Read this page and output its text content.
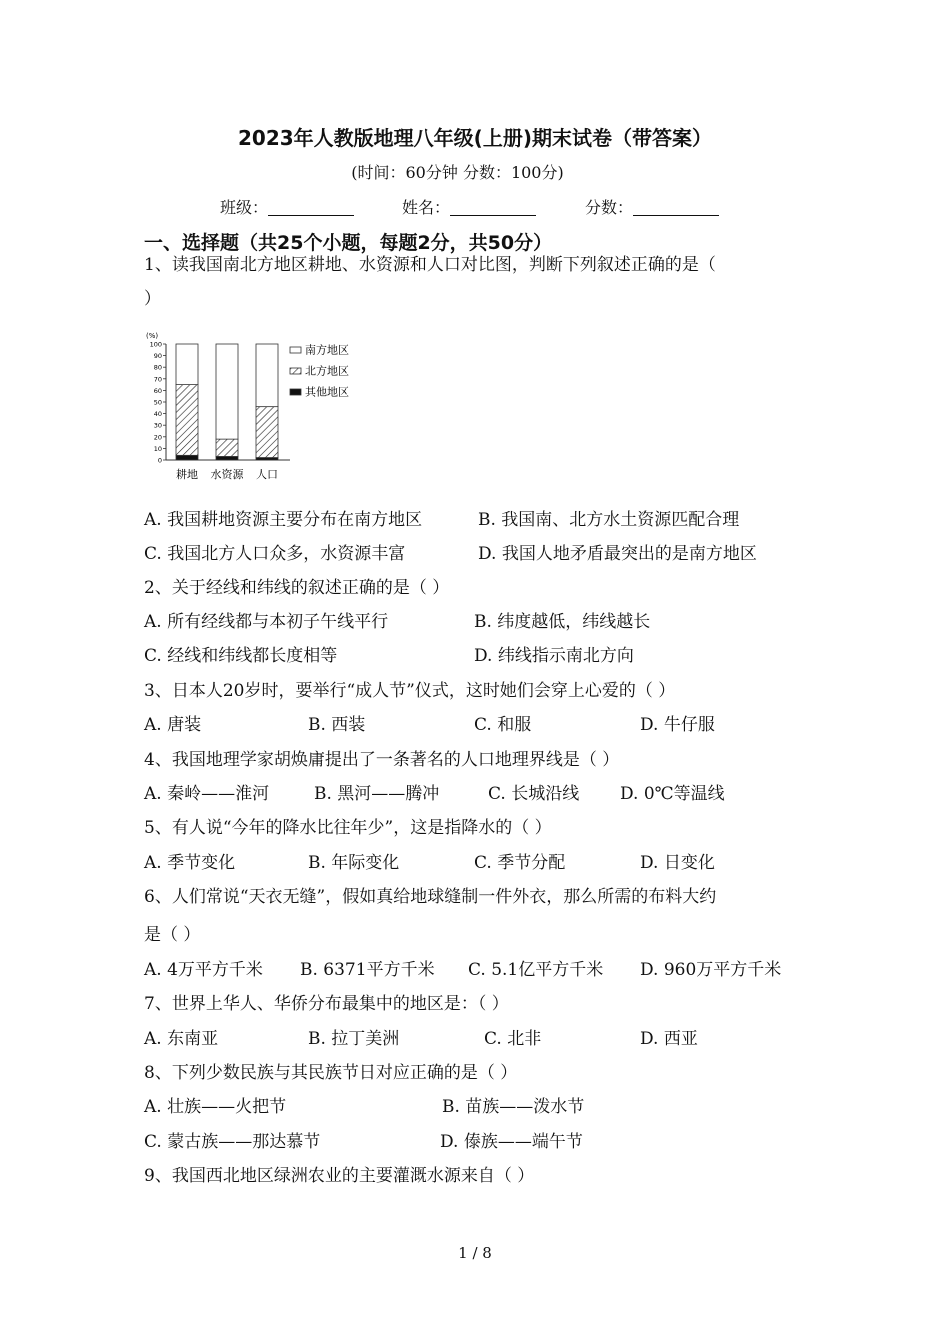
2023年人教版地理八年级(上册)期末试卷（带答案）
(时间：60分钟 分数：100分)
班级：	姓名：	分数：
一、选择题（共25个小题，每题2分，共50分）
1、读我国南北方地区耕地、水资源和人口对比图，判断下列叙述正确的是（
）
(%)
100
90
80
70
60
50
40
30
20
10
0
耕地 水资源 人口
南方地区
北方地区
其他地区
A. 我国耕地资源主要分布在南方地区	B. 我国南、北方水土资源匹配合理
C. 我国北方人口众多，水资源丰富	D. 我国人地矛盾最突出的是南方地区
2、关于经线和纬线的叙述正确的是（ ）
A. 所有经线都与本初子午线平行	B. 纬度越低，纬线越长
C. 经线和纬线都长度相等	D. 纬线指示南北方向
3、日本人20岁时，要举行“成人节”仪式，这时她们会穿上心爱的（ ）
A. 唐装	B. 西装	C. 和服	D. 牛仔服
4、我国地理学家胡焕庸提出了一条著名的人口地理界线是（ ）
A. 秦岭——淮河	B. 黑河——腾冲	C. 长城沿线 D. 0℃等温线
5、有人说“今年的降水比往年少”，这是指降水的（ ）
A. 季节变化	B. 年际变化	C. 季节分配	D. 日变化
6、人们常说“天衣无缝”，假如真给地球缝制一件外衣，那么所需的布料大约
是（ ）
A. 4万平方千米 B. 6371平方千米 C. 5.1亿平方千米 D. 960万平方千米
7、世界上华人、华侨分布最集中的地区是：（ ）
A. 东南亚	B. 拉丁美洲	C. 北非	D. 西亚
8、下列少数民族与其民族节日对应正确的是（ ）
A. 壮族——火把节	B. 苗族——泼水节
C. 蒙古族——那达慕节	D. 傣族——端午节
9、我国西北地区绿洲农业的主要灌溉水源来自（ ）
1 / 8
